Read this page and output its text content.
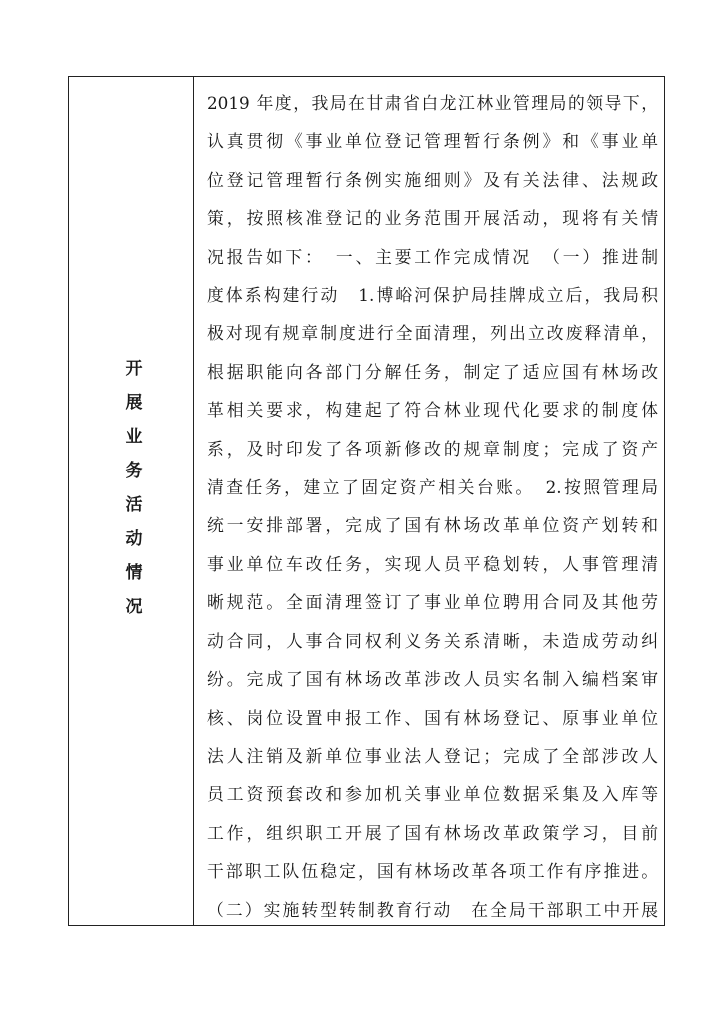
开展业务活动情况
2019 年度，我局在甘肃省白龙江林业管理局的领导下，
认真贯彻《事业单位登记管理暂行条例》和《事业单
位登记管理暂行条例实施细则》及有关法律、法规政
策，按照核准登记的业务范围开展活动，现将有关情
况报告如下：　一、主要工作完成情况　（一）推进制
度体系构建行动　1.博峪河保护局挂牌成立后，我局积
极对现有规章制度进行全面清理，列出立改废释清单，
根据职能向各部门分解任务，制定了适应国有林场改
革相关要求，构建起了符合林业现代化要求的制度体
系，及时印发了各项新修改的规章制度；完成了资产
清查任务，建立了固定资产相关台账。　2.按照管理局
统一安排部署，完成了国有林场改革单位资产划转和
事业单位车改任务，实现人员平稳划转，人事管理清
晰规范。全面清理签订了事业单位聘用合同及其他劳
动合同，人事合同权利义务关系清晰，未造成劳动纠
纷。完成了国有林场改革涉改人员实名制入编档案审
核、岗位设置申报工作、国有林场登记、原事业单位
法人注销及新单位事业法人登记；完成了全部涉改人
员工资预套改和参加机关事业单位数据采集及入库等
工作，组织职工开展了国有林场改革政策学习，目前
干部职工队伍稳定，国有林场改革各项工作有序推进。
（二）实施转型转制教育行动　在全局干部职工中开展
